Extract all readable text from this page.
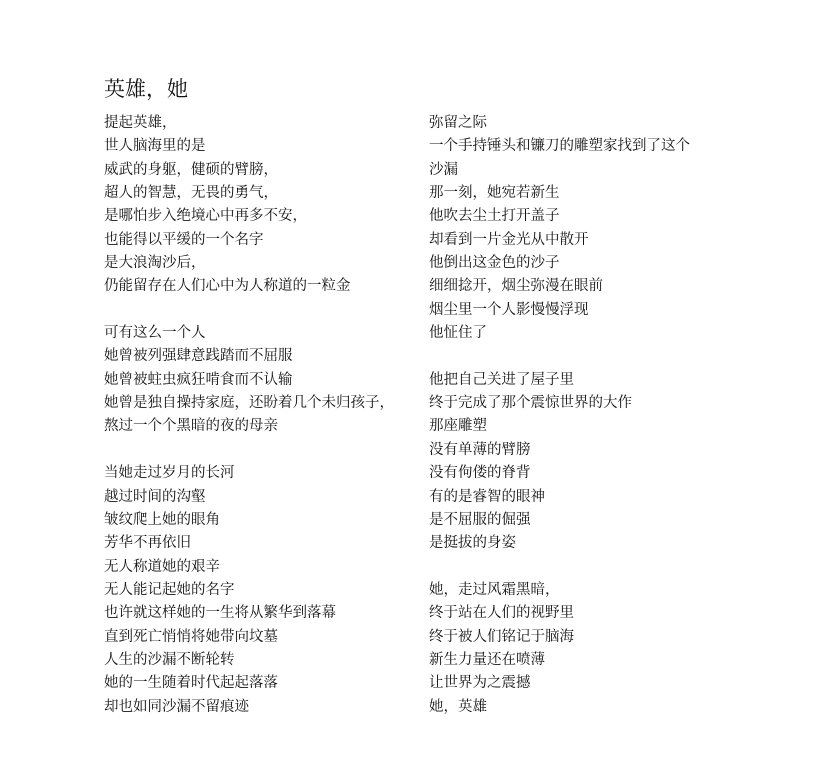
英雄，她
提起英雄，
世人脑海里的是
威武的身躯，健硕的臂膀，
超人的智慧，无畏的勇气，
是哪怕步入绝境心中再多不安，
也能得以平缓的一个名字
是大浪淘沙后，
仍能留存在人们心中为人称道的一粒金
可有这么一个人
她曾被列强肆意践踏而不屈服
她曾被蛀虫疯狂啃食而不认输
她曾是独自操持家庭，还盼着几个未归孩子，
熬过一个个黑暗的夜的母亲
当她走过岁月的长河
越过时间的沟壑
皱纹爬上她的眼角
芳华不再依旧
无人称道她的艰辛
无人能记起她的名字
也许就这样她的一生将从繁华到落幕
直到死亡悄悄将她带向坟墓
人生的沙漏不断轮转
她的一生随着时代起起落落
却也如同沙漏不留痕迹
弥留之际
一个手持锤头和镰刀的雕塑家找到了这个
沙漏
那一刻，她宛若新生
他吹去尘土打开盖子
却看到一片金光从中散开
他倒出这金色的沙子
细细捻开，烟尘弥漫在眼前
烟尘里一个人影慢慢浮现
他怔住了
他把自己关进了屋子里
终于完成了那个震惊世界的大作
那座雕塑
没有单薄的臂膀
没有佝偻的脊背
有的是睿智的眼神
是不屈服的倔强
是挺拔的身姿
她，走过风霜黑暗，
终于站在人们的视野里
终于被人们铭记于脑海
新生力量还在喷薄
让世界为之震撼
她，英雄
